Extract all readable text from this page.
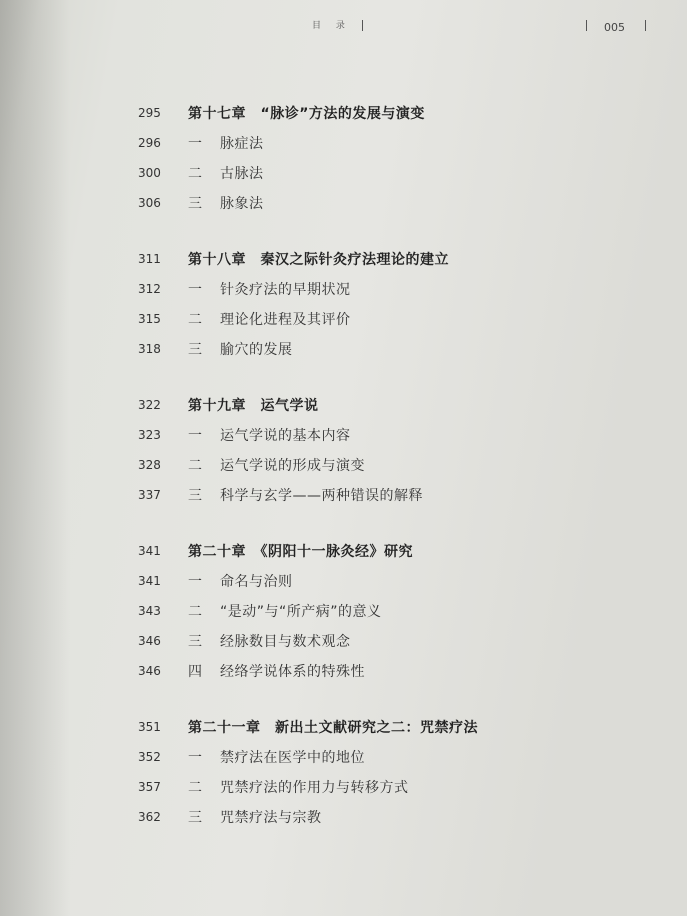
目 录	005
295	第十七章　“脉诊”方法的发展与演变
296	一	脉症法
300	二	古脉法
306	三	脉象法
311	第十八章　秦汉之际针灸疗法理论的建立
312	一	针灸疗法的早期状况
315	二	理论化进程及其评价
318	三	腧穴的发展
322	第十九章　运气学说
323	一	运气学说的基本内容
328	二	运气学说的形成与演变
337	三	科学与玄学——两种错误的解释
341	第二十章　《阴阳十一脉灸经》研究
341	一	命名与治则
343	二	“是动”与“所产病”的意义
346	三	经脉数目与数术观念
346	四	经络学说体系的特殊性
351	第二十一章　新出土文献研究之二：咒禁疗法
352	一	禁疗法在医学中的地位
357	二	咒禁疗法的作用力与转移方式
362	三	咒禁疗法与宗教
